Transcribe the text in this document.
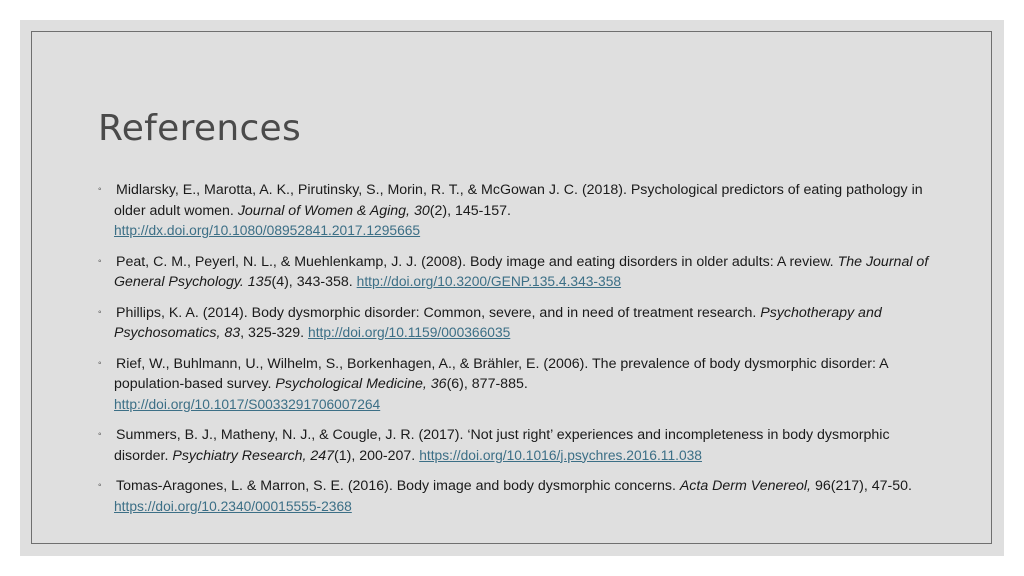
References
◦ Midlarsky, E., Marotta, A. K., Pirutinsky, S., Morin, R. T., & McGowan J. C. (2018). Psychological predictors of eating pathology in older adult women. Journal of Women & Aging, 30(2), 145-157.
http://dx.doi.org/10.1080/08952841.2017.1295665
◦ Peat, C. M., Peyerl, N. L., & Muehlenkamp, J. J. (2008). Body image and eating disorders in older adults: A review. The Journal of General Psychology. 135(4), 343-358. http://doi.org/10.3200/GENP.135.4.343-358
◦ Phillips, K. A. (2014). Body dysmorphic disorder: Common, severe, and in need of treatment research. Psychotherapy and Psychosomatics, 83, 325-329. http://doi.org/10.1159/000366035
◦ Rief, W., Buhlmann, U., Wilhelm, S., Borkenhagen, A., & Brähler, E. (2006). The prevalence of body dysmorphic disorder: A population-based survey. Psychological Medicine, 36(6), 877-885.
http://doi.org/10.1017/S0033291706007264
◦ Summers, B. J., Matheny, N. J., & Cougle, J. R. (2017). ‘Not just right’ experiences and incompleteness in body dysmorphic disorder. Psychiatry Research, 247(1), 200-207. https://doi.org/10.1016/j.psychres.2016.11.038
◦ Tomas-Aragones, L. & Marron, S. E. (2016). Body image and body dysmorphic concerns. Acta Derm Venereol, 96(217), 47-50. https://doi.org/10.2340/00015555-2368
